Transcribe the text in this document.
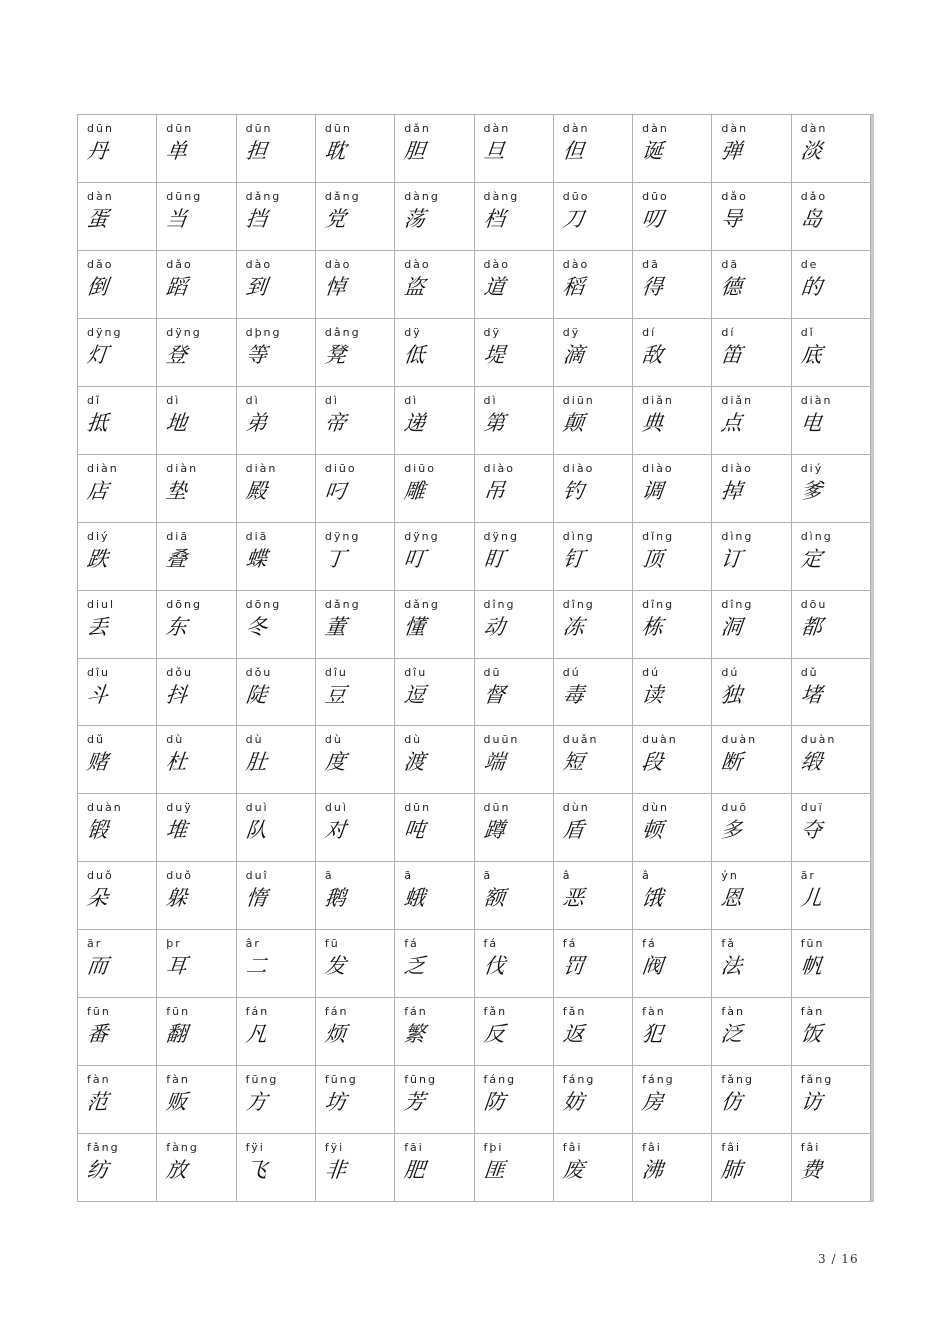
dūn
丹
dūn
单
dūn
担
dūn
耽
dǎn
胆
dàn
旦
dàn
但
dàn
诞
dàn
弹
dàn
淡
dàn
蛋
dūng
当
dǎng
挡
dǎng
党
dàng
荡
dàng
档
dūo
刀
dūo
叨
dǎo
导
dǎo
岛
dǎo
倒
dǎo
蹈
dào
到
dào
悼
dào
盗
dào
道
dào
稻
dã
得
dã
德
de
的
dÿng
灯
dÿng
登
dþng
等
dâng
凳
dÿ
低
dÿ
堤
dÿ
滴
dí
敌
dí
笛
dǐ
底
dǐ
抵
dì
地
dì
弟
dì
帝
dì
递
dì
第
diūn
颠
diǎn
典
diǎn
点
diàn
电
diàn
店
diàn
垫
diàn
殿
diūo
叼
diūo
雕
diào
吊
diào
钓
diào
调
diào
掉
diý
爹
diý
跌
diã
叠
diã
蝶
dÿng
丁
dÿng
叮
dÿng
盯
dìng
钉
dǐng
顶
dìng
订
dìng
定
diul
丢
dōng
东
dōng
冬
dǎng
董
dǎng
懂
dîng
动
dîng
冻
dîng
栋
dîng
洞
dōu
都
dîu
斗
dǒu
抖
dǒu
陡
dîu
豆
dîu
逗
dū
督
dú
毒
dú
读
dú
独
dǔ
堵
dǔ
赌
dù
杜
dù
肚
dù
度
dù
渡
duūn
端
duǎn
短
duàn
段
duàn
断
duàn
缎
duàn
锻
duÿ
堆
duì
队
duì
对
dūn
吨
dūn
蹲
dùn
盾
dùn
顿
duō
多
duï
夺
duǒ
朵
duǒ
躲
duî
惰
ã
鹅
ã
蛾
ã
额
â
恶
â
饿
ýn
恩
ãr
儿
ãr
而
þr
耳
âr
二
fū
发
fá
乏
fá
伐
fá
罚
fá
阀
fǎ
法
fūn
帆
fūn
番
fūn
翻
fán
凡
fán
烦
fán
繁
fǎn
反
fǎn
返
fàn
犯
fàn
泛
fàn
饭
fàn
范
fàn
贩
fūng
方
fūng
坊
fūng
芳
fáng
防
fáng
妨
fáng
房
fǎng
仿
fǎng
访
fǎng
纺
fàng
放
fÿi
飞
fÿi
非
fãi
肥
fþi
匪
fâi
废
fâi
沸
fâi
肺
fâi
费
3 / 16
